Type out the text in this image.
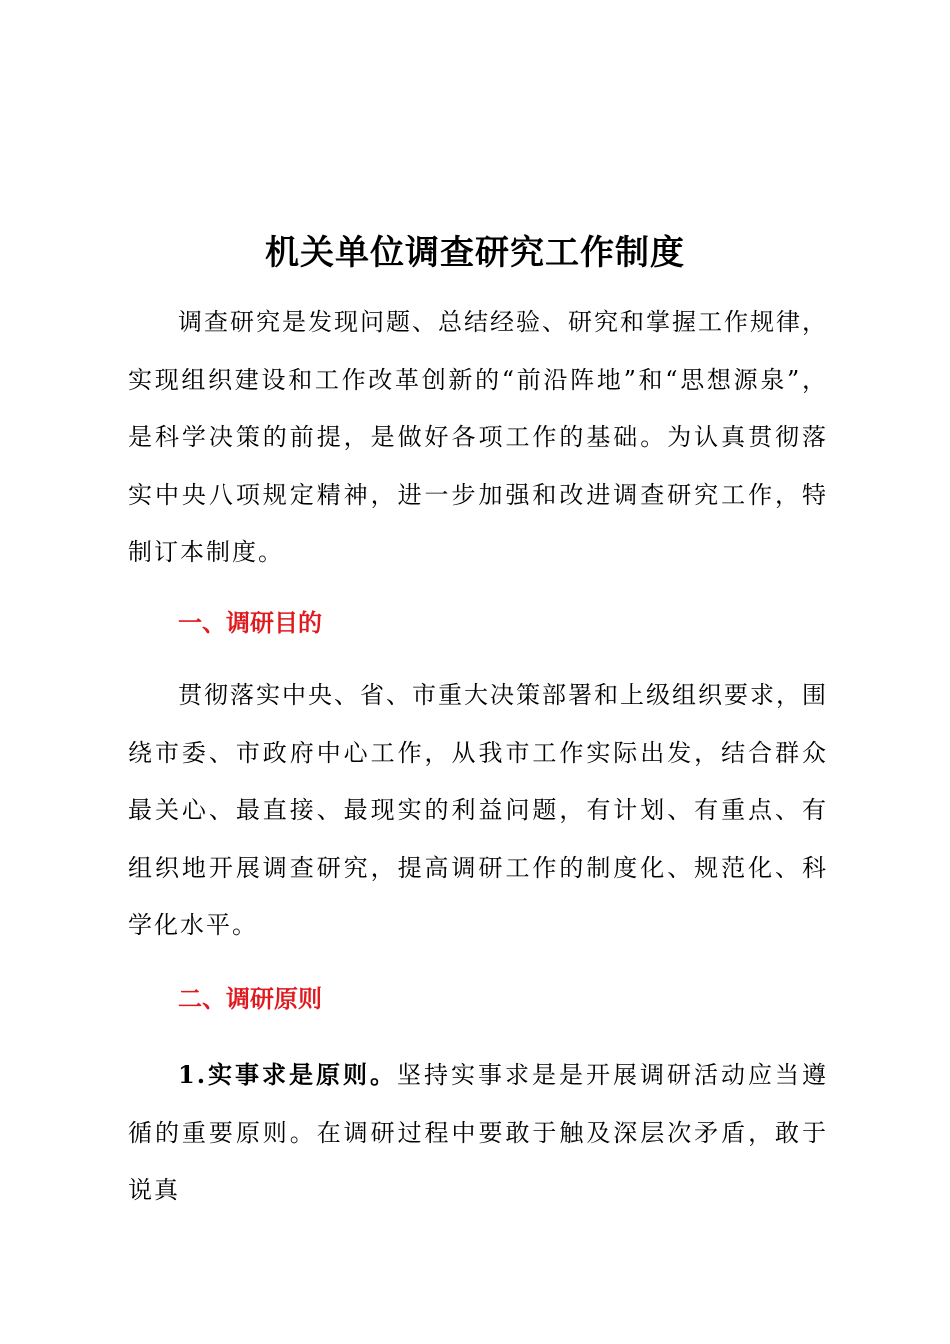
机关单位调查研究工作制度

调查研究是发现问题、总结经验、研究和掌握工作规律，实现组织建设和工作改革创新的“前沿阵地”和“思想源泉”，是科学决策的前提，是做好各项工作的基础。为认真贯彻落实中央八项规定精神，进一步加强和改进调查研究工作，特制订本制度。

一、调研目的

贯彻落实中央、省、市重大决策部署和上级组织要求，围绕市委、市政府中心工作，从我市工作实际出发，结合群众最关心、最直接、最现实的利益问题，有计划、有重点、有组织地开展调查研究，提高调研工作的制度化、规范化、科学化水平。

二、调研原则

1.实事求是原则。坚持实事求是是开展调研活动应当遵循的重要原则。在调研过程中要敢于触及深层次矛盾，敢于说真
